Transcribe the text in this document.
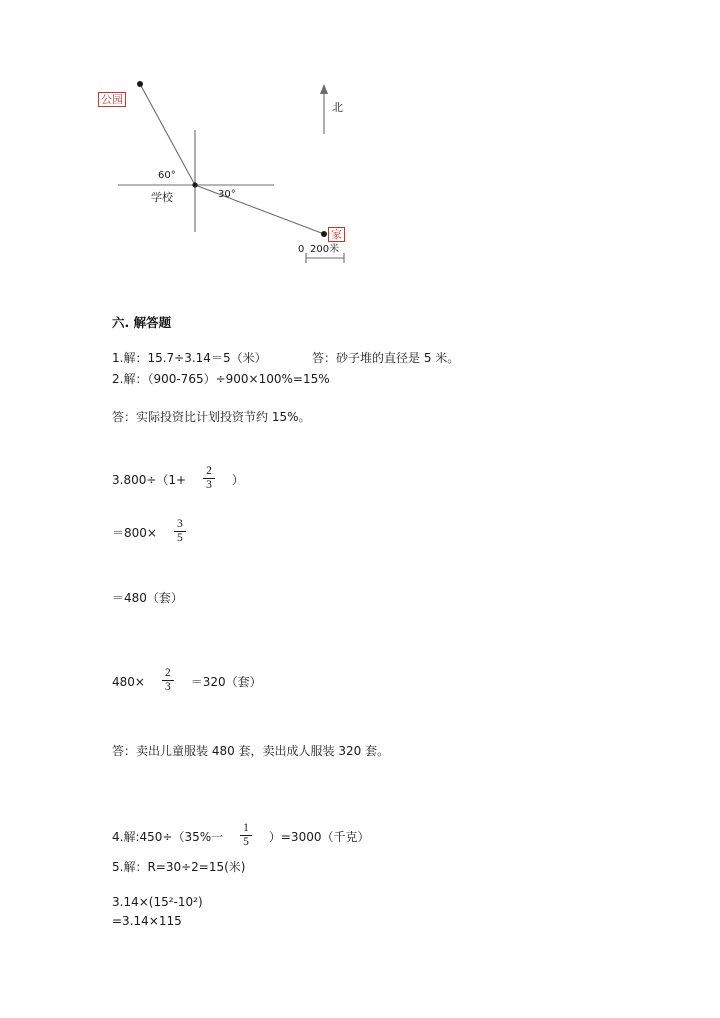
公园
学校
家
北
60°
30°
0 200米
六. 解答题
1.解：15.7÷3.14＝5（米）	答：砂子堆的直径是 5 米。
2.解：（900-765）÷900×100%=15%
答：实际投资比计划投资节约 15%。
$3.800\div(1+ \frac{2}{3}$ ）
$=800\times \frac{3}{5}$
＝480（套）
$480\times \frac{2}{3} =320$（套）
答：卖出儿童服装 480 套，卖出成人服装 320 套。
4.解:450÷（35%一 $\frac{1}{5} )=3000$（千克）
5.解：R=30÷2=15(米)
3.14×(15²-10²)
=3.14×115
